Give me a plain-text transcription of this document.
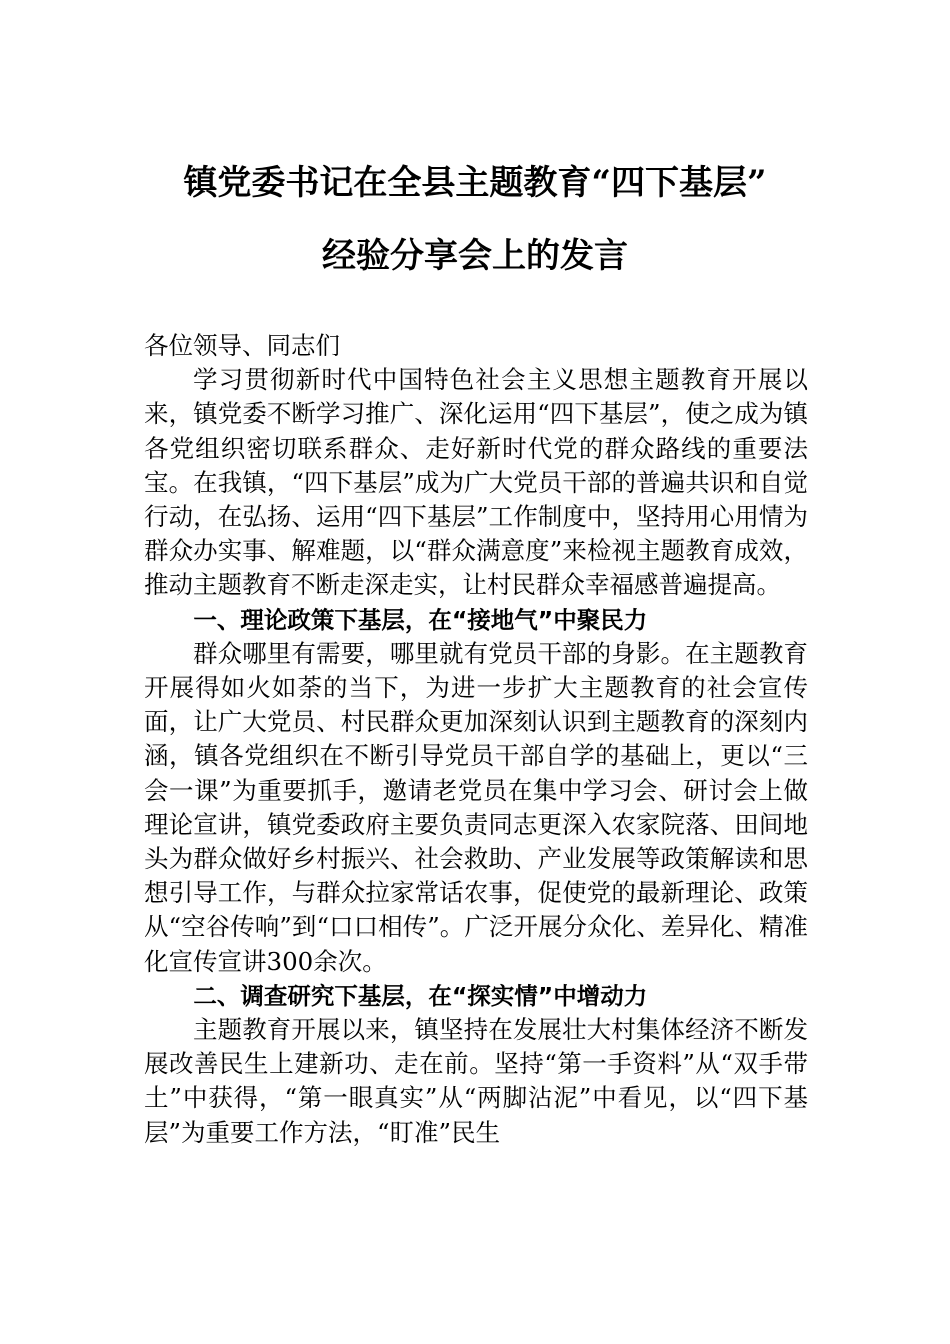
镇党委书记在全县主题教育“四下基层”
经验分享会上的发言

各位领导、同志们

学习贯彻新时代中国特色社会主义思想主题教育开展以来，镇党委不断学习推广、深化运用“四下基层”，使之成为镇各党组织密切联系群众、走好新时代党的群众路线的重要法宝。在我镇，“四下基层”成为广大党员干部的普遍共识和自觉行动，在弘扬、运用“四下基层”工作制度中，坚持用心用情为群众办实事、解难题，以“群众满意度”来检视主题教育成效，推动主题教育不断走深走实，让村民群众幸福感普遍提高。

一、理论政策下基层，在“接地气”中聚民力

群众哪里有需要，哪里就有党员干部的身影。在主题教育开展得如火如荼的当下，为进一步扩大主题教育的社会宣传面，让广大党员、村民群众更加深刻认识到主题教育的深刻内涵，镇各党组织在不断引导党员干部自学的基础上，更以“三会一课”为重要抓手，邀请老党员在集中学习会、研讨会上做理论宣讲，镇党委政府主要负责同志更深入农家院落、田间地头为群众做好乡村振兴、社会救助、产业发展等政策解读和思想引导工作，与群众拉家常话农事，促使党的最新理论、政策从“空谷传响”到“口口相传”。广泛开展分众化、差异化、精准化宣传宣讲300余次。

二、调查研究下基层，在“探实情”中增动力

主题教育开展以来，镇坚持在发展壮大村集体经济不断发展改善民生上建新功、走在前。坚持“第一手资料”从“双手带土”中获得，“第一眼真实”从“两脚沾泥”中看见，以“四下基层”为重要工作方法，“盯准”民生
